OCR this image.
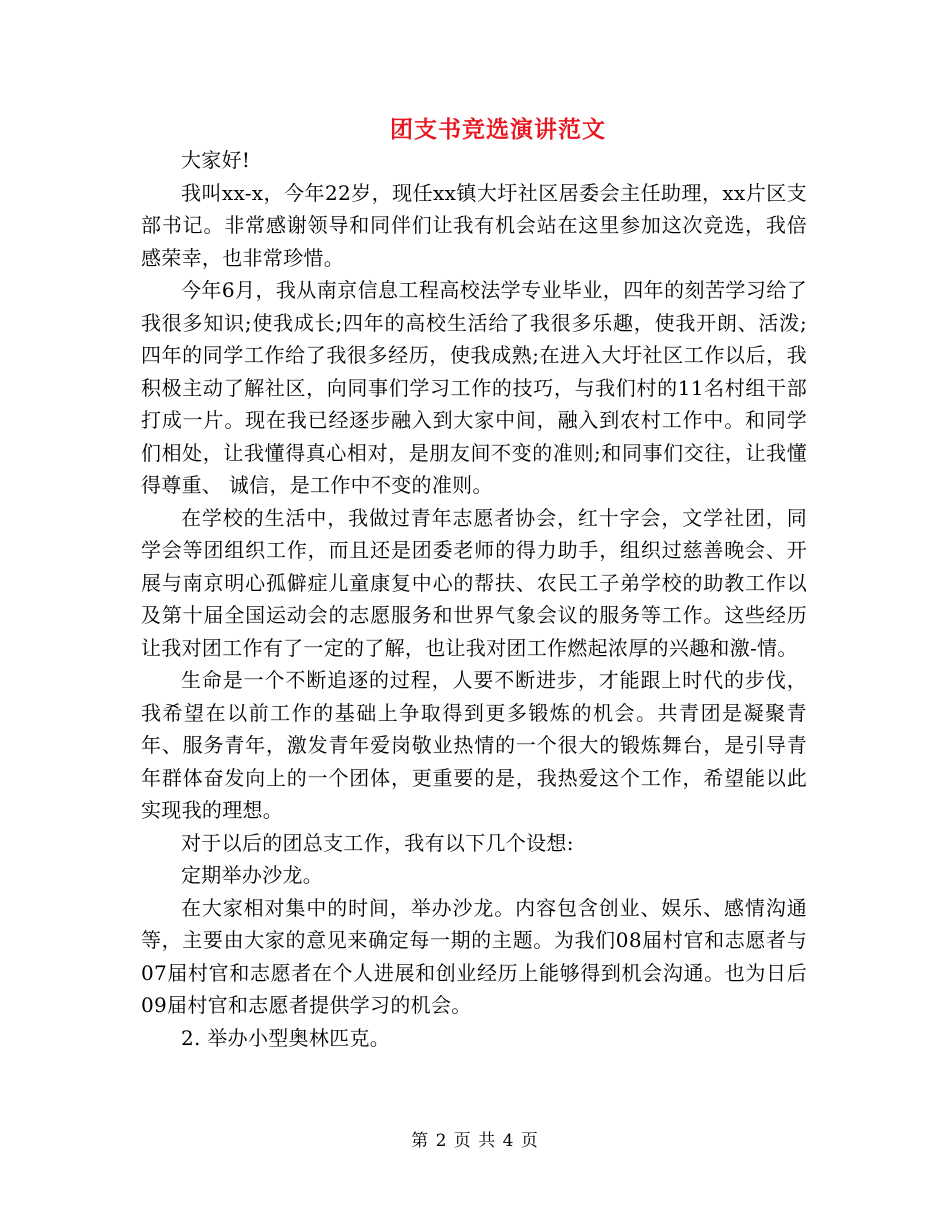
团支书竞选演讲范文

大家好!

我叫xx-x，今年22岁，现任xx镇大圩社区居委会主任助理，xx片区支部书记。非常感谢领导和同伴们让我有机会站在这里参加这次竞选，我倍感荣幸，也非常珍惜。

今年6月，我从南京信息工程高校法学专业毕业，四年的刻苦学习给了我很多知识;使我成长;四年的高校生活给了我很多乐趣，使我开朗、活泼;四年的同学工作给了我很多经历，使我成熟;在进入大圩社区工作以后，我积极主动了解社区，向同事们学习工作的技巧，与我们村的11名村组干部打成一片。现在我已经逐步融入到大家中间，融入到农村工作中。和同学们相处，让我懂得真心相对，是朋友间不变的准则;和同事们交往，让我懂得尊重、 诚信，是工作中不变的准则。

在学校的生活中，我做过青年志愿者协会，红十字会，文学社团，同学会等团组织工作，而且还是团委老师的得力助手，组织过慈善晚会、开展与南京明心孤僻症儿童康复中心的帮扶、农民工子弟学校的助教工作以及第十届全国运动会的志愿服务和世界气象会议的服务等工作。这些经历让我对团工作有了一定的了解，也让我对团工作燃起浓厚的兴趣和激-情。

生命是一个不断追逐的过程，人要不断进步，才能跟上时代的步伐，我希望在以前工作的基础上争取得到更多锻炼的机会。共青团是凝聚青年、服务青年，激发青年爱岗敬业热情的一个很大的锻炼舞台，是引导青年群体奋发向上的一个团体，更重要的是，我热爱这个工作，希望能以此实现我的理想。

对于以后的团总支工作，我有以下几个设想:

定期举办沙龙。

在大家相对集中的时间，举办沙龙。内容包含创业、娱乐、感情沟通等，主要由大家的意见来确定每一期的主题。为我们08届村官和志愿者与07届村官和志愿者在个人进展和创业经历上能够得到机会沟通。也为日后09届村官和志愿者提供学习的机会。

2. 举办小型奥林匹克。

第 2 页 共 4 页
